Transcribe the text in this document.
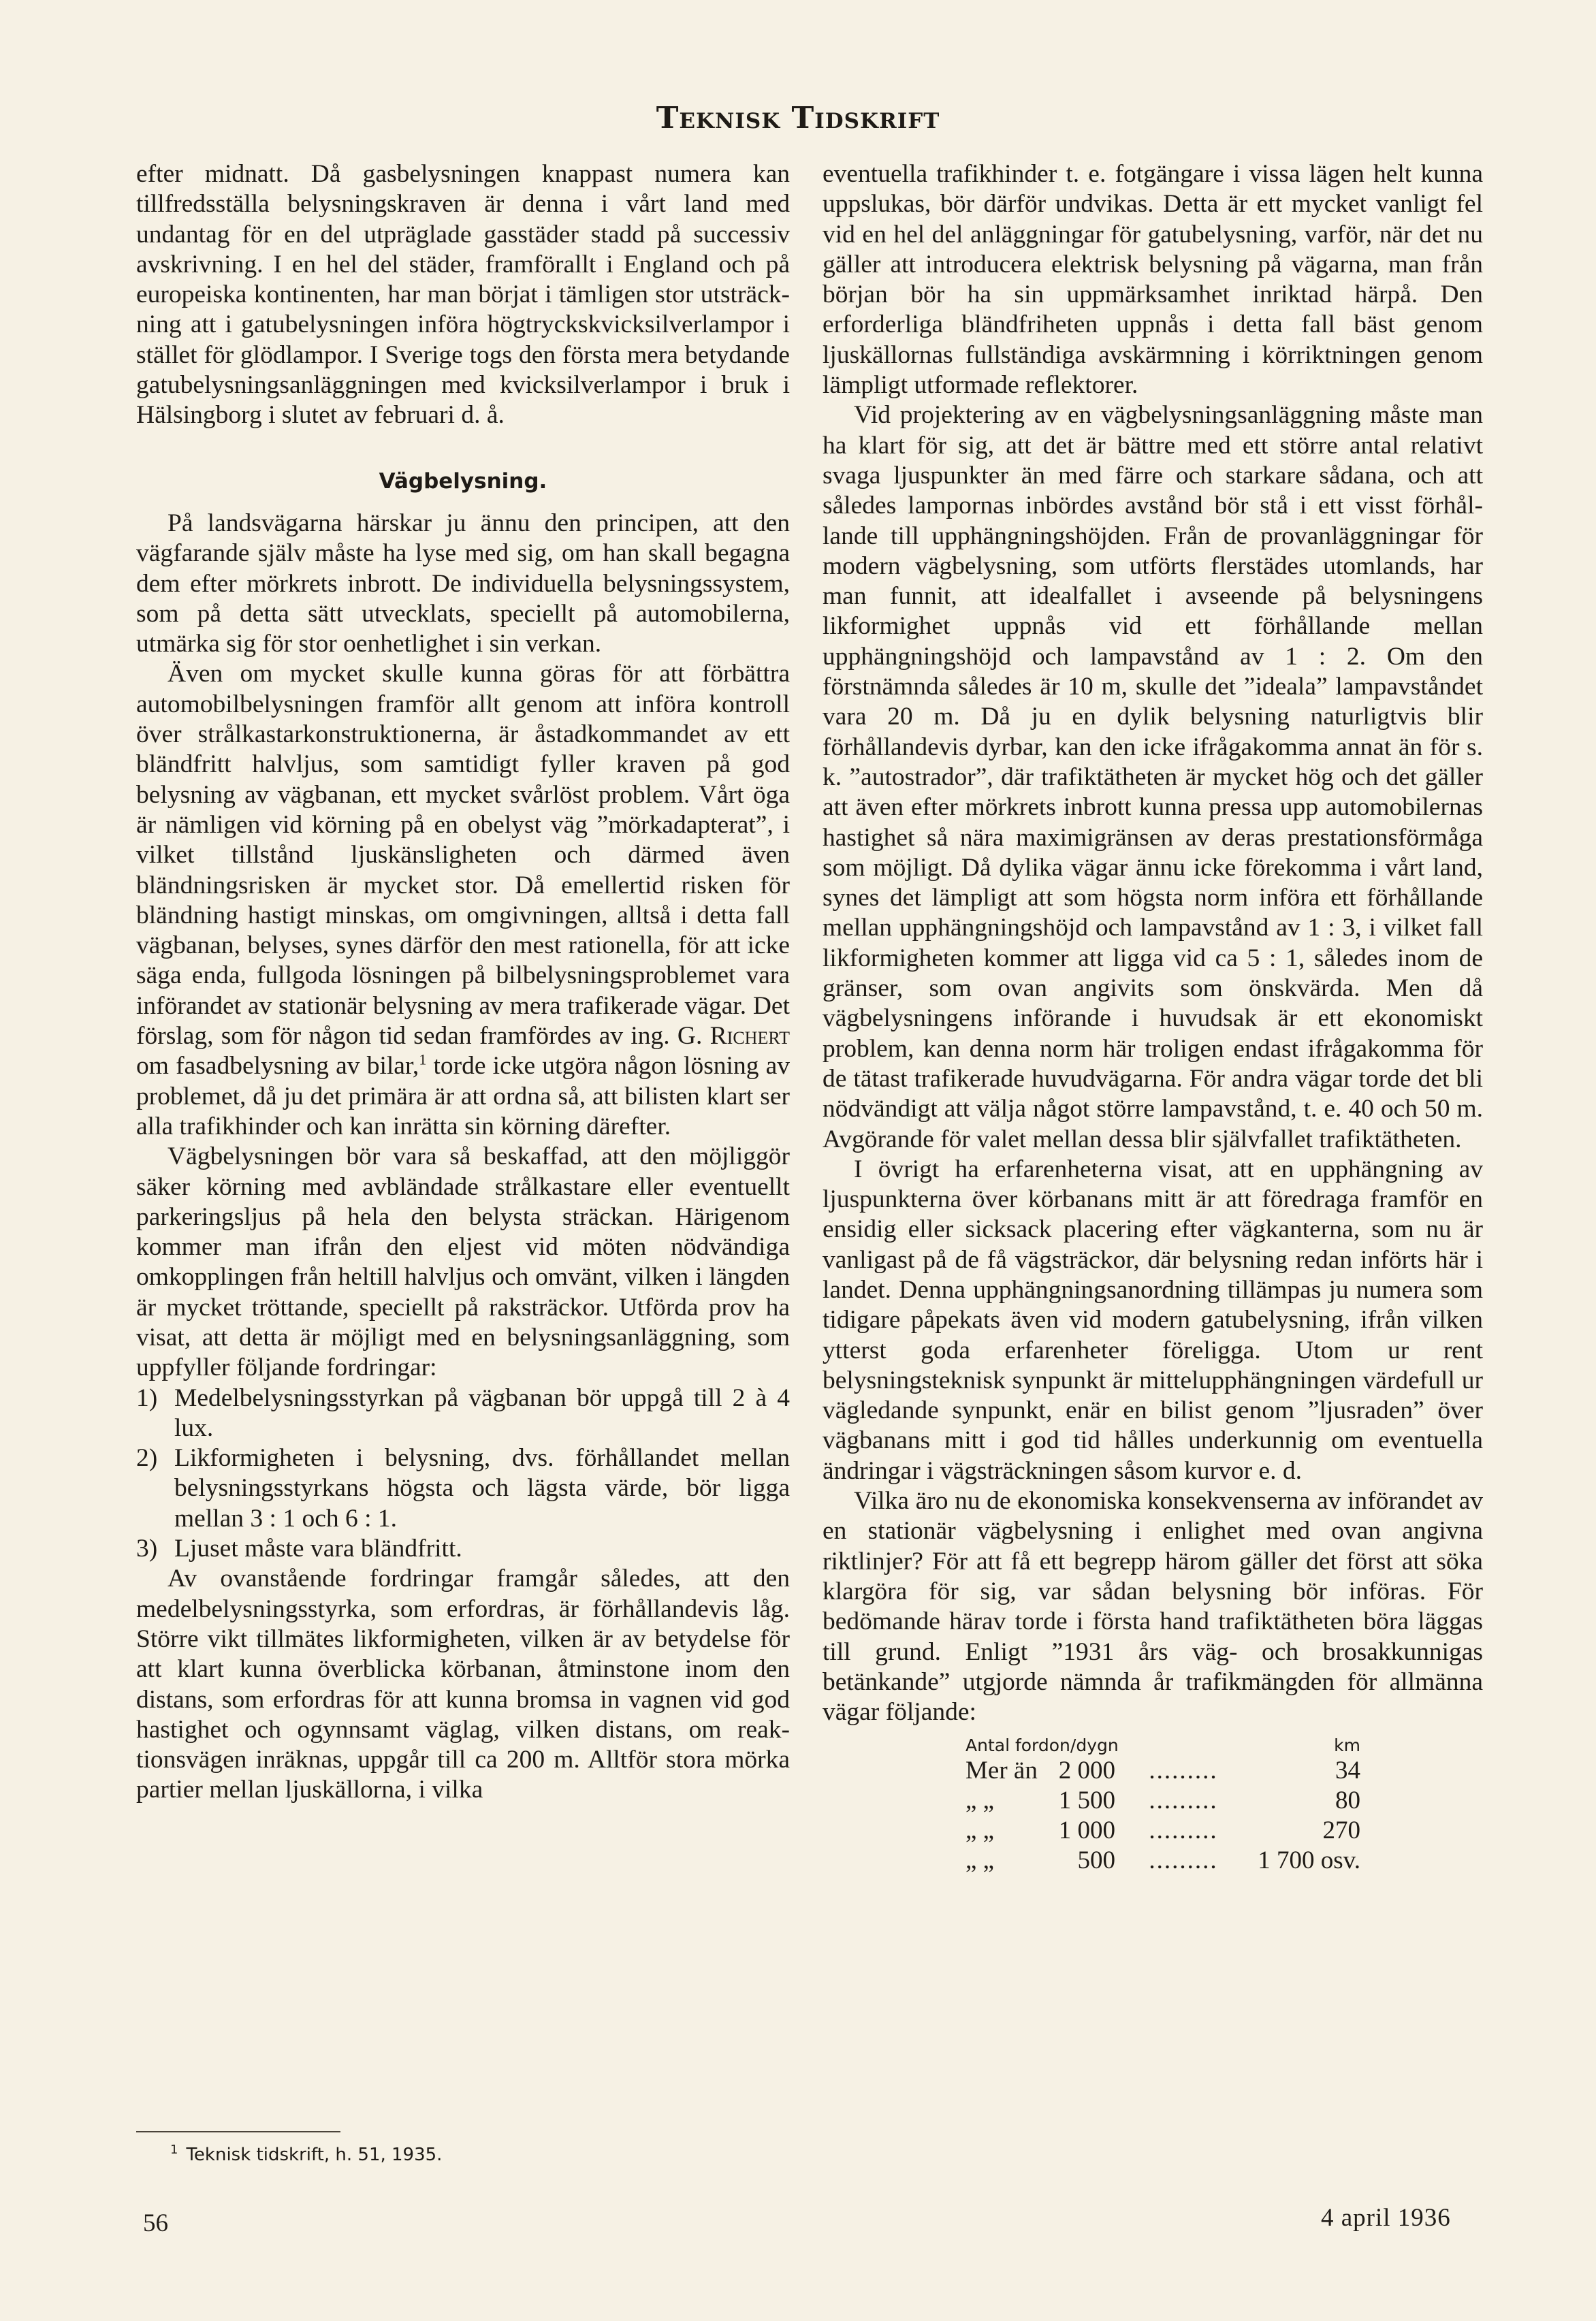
Teknisk Tidskrift

efter midnatt. Då gasbelysningen knappast numera kan tillfredsställa belysningskraven är denna i vårt land med undantag för en del utpräglade gasstäder stadd på successiv avskrivning. I en hel del städer, framförallt i England och på europeiska kontinenten, har man börjat i tämligen stor utsträckning att i gatubelysningen införa högtryckskvicksilverlampor i stället för glödlampor. I Sverige togs den första mera betydande gatubelysningsanläggningen med kvicksilverlampor i bruk i Hälsingborg i slutet av februari d. å.

Vägbelysning.

På landsvägarna härskar ju ännu den principen, att den vägfarande själv måste ha lyse med sig, om han skall begagna dem efter mörkrets inbrott. De individuella belysningssystem, som på detta sätt utvecklats, speciellt på automobilerna, utmärka sig för stor oenhetlighet i sin verkan.

Även om mycket skulle kunna göras för att förbättra automobilbelysningen framför allt genom att införa kontroll över strålkastarkonstruktionerna, är åstadkommandet av ett bländfritt halvljus, som samtidigt fyller kraven på god belysning av vägbanan, ett mycket svårlöst problem. Vårt öga är nämligen vid körning på en obelyst väg ”mörkadapterat”, i vilket tillstånd ljuskänsligheten och därmed även bländningsrisken är mycket stor. Då emellertid risken för bländning hastigt minskas, om omgivningen, alltså i detta fall vägbanan, belyses, synes därför den mest rationella, för att icke säga enda, fullgoda lösningen på bilbelysningsproblemet vara införandet av stationär belysning av mera trafikerade vägar. Det förslag, som för någon tid sedan framfördes av ing. G. Richert om fasadbelysning av bilar,$^1$ torde icke utgöra någon lösning av problemet, då ju det primära är att ordna så, att bilisten klart ser alla trafikhinder och kan inrätta sin körning därefter.

Vägbelysningen bör vara så beskaffad, att den möjliggör säker körning med avbländade strålkastare eller eventuellt parkeringsljus på hela den belysta sträckan. Härigenom kommer man ifrån den eljest vid möten nödvändiga omkopplingen från heltill halvljus och omvänt, vilken i längden är mycket tröttande, speciellt på raksträckor. Utförda prov ha visat, att detta är möjligt med en belysningsanläggning, som uppfyller följande fordringar:

1) Medelbelysningsstyrkan på vägbanan bör uppgå till 2 à 4 lux.
2) Likformigheten i belysning, dvs. förhållandet mellan belysningsstyrkans högsta och lägsta värde, bör ligga mellan 3 : 1 och 6 : 1.
3) Ljuset måste vara bländfritt.

Av ovanstående fordringar framgår således, att den medelbelysningsstyrka, som erfordras, är förhållandevis låg. Större vikt tillmätes likformigheten, vilken är av betydelse för att klart kunna överblicka körbanan, åtminstone inom den distans, som erfordras för att kunna bromsa in vagnen vid god hastighet och ogynnsamt väglag, vilken distans, om reaktionsvägen inräknas, uppgår till ca 200 m. Alltför stora mörka partier mellan ljuskällorna, i vilka

$^1$ Teknisk tidskrift, h. 51, 1935.

eventuella trafikhinder t. e. fotgängare i vissa lägen helt kunna uppslukas, bör därför undvikas. Detta är ett mycket vanligt fel vid en hel del anläggningar för gatubelysning, varför, när det nu gäller att introducera elektrisk belysning på vägarna, man från början bör ha sin uppmärksamhet inriktad härpå. Den erforderliga bländfriheten uppnås i detta fall bäst genom ljuskällornas fullständiga avskärmning i körriktningen genom lämpligt utformade reflektorer.

Vid projektering av en vägbelysningsanläggning måste man ha klart för sig, att det är bättre med ett större antal relativt svaga ljuspunkter än med färre och starkare sådana, och att således lampornas inbördes avstånd bör stå i ett visst förhållande till upphängningshöjden. Från de provanläggningar för modern vägbelysning, som utförts flerstädes utomlands, har man funnit, att idealfallet i avseende på belysningens likformighet uppnås vid ett förhållande mellan upphängningshöjd och lampavstånd av 1 : 2. Om den förstnämnda således är 10 m, skulle det ”ideala” lampavståndet vara 20 m. Då ju en dylik belysning naturligtvis blir förhållandevis dyrbar, kan den icke ifrågakomma annat än för s. k. ”autostrador”, där trafiktätheten är mycket hög och det gäller att även efter mörkrets inbrott kunna pressa upp automobilernas hastighet så nära maximigränsen av deras prestationsförmåga som möjligt. Då dylika vägar ännu icke förekomma i vårt land, synes det lämpligt att som högsta norm införa ett förhållande mellan upphängningshöjd och lampavstånd av 1 : 3, i vilket fall likformigheten kommer att ligga vid ca 5 : 1, således inom de gränser, som ovan angivits som önskvärda. Men då vägbelysningens införande i huvudsak är ett ekonomiskt problem, kan denna norm här troligen endast ifrågakomma för de tätast trafikerade huvudvägarna. För andra vägar torde det bli nödvändigt att välja något större lampavstånd, t. e. 40 och 50 m. Avgörande för valet mellan dessa blir självfallet trafiktätheten.

I övrigt ha erfarenheterna visat, att en upphängning av ljuspunkterna över körbanans mitt är att föredraga framför en ensidig eller sicksack placering efter vägkanterna, som nu är vanligast på de få vägsträckor, där belysning redan införts här i landet. Denna upphängningsanordning tillämpas ju numera som tidigare påpekats även vid modern gatubelysning, ifrån vilken ytterst goda erfarenheter föreligga. Utom ur rent belysningsteknisk synpunkt är mittelupphängningen värdefull ur vägledande synpunkt, enär en bilist genom ”ljusraden” över vägbanans mitt i god tid hålles underkunnig om eventuella ändringar i vägsträckningen såsom kurvor e. d.

Vilka äro nu de ekonomiska konsekvenserna av införandet av en stationär vägbelysning i enlighet med ovan angivna riktlinjer? För att få ett begrepp härom gäller det först att söka klargöra för sig, var sådan belysning bör införas. För bedömande härav torde i första hand trafiktätheten böra läggas till grund. Enligt ”1931 års väg- och brosakkunnigas betänkande” utgjorde nämnda år trafikmängden för allmänna vägar följande:

Antal fordon/dygn			km
Mer än	2 000	.........	34
„ „	1 500	.........	80
„ „	1 000	.........	270
„ „	500	.........	1 700 osv.
56	4 april 1936
